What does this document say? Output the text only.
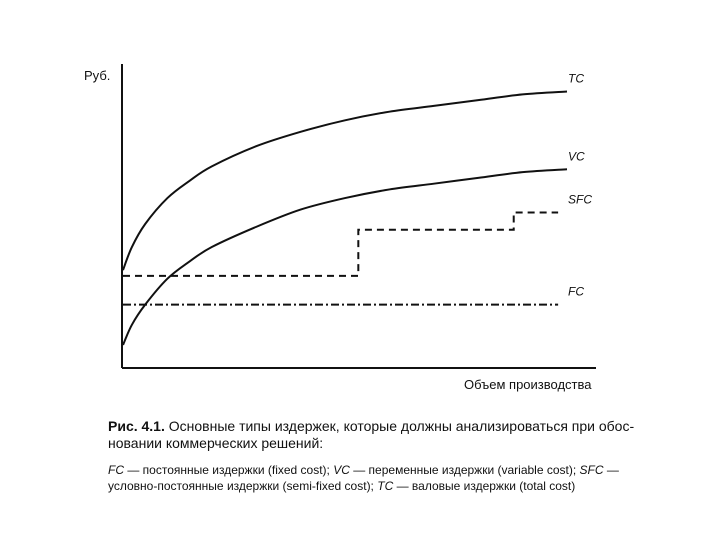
Руб.
Объем производства
TC
VC
SFC
FC

Рис. 4.1. Основные типы издержек, которые должны анализироваться при обос-новании коммерческих решений:

FC — постоянные издержки (fixed cost); VC — переменные издержки (variable cost); SFC — условно-постоянные издержки (semi-fixed cost); TC — валовые издержки (total cost)
